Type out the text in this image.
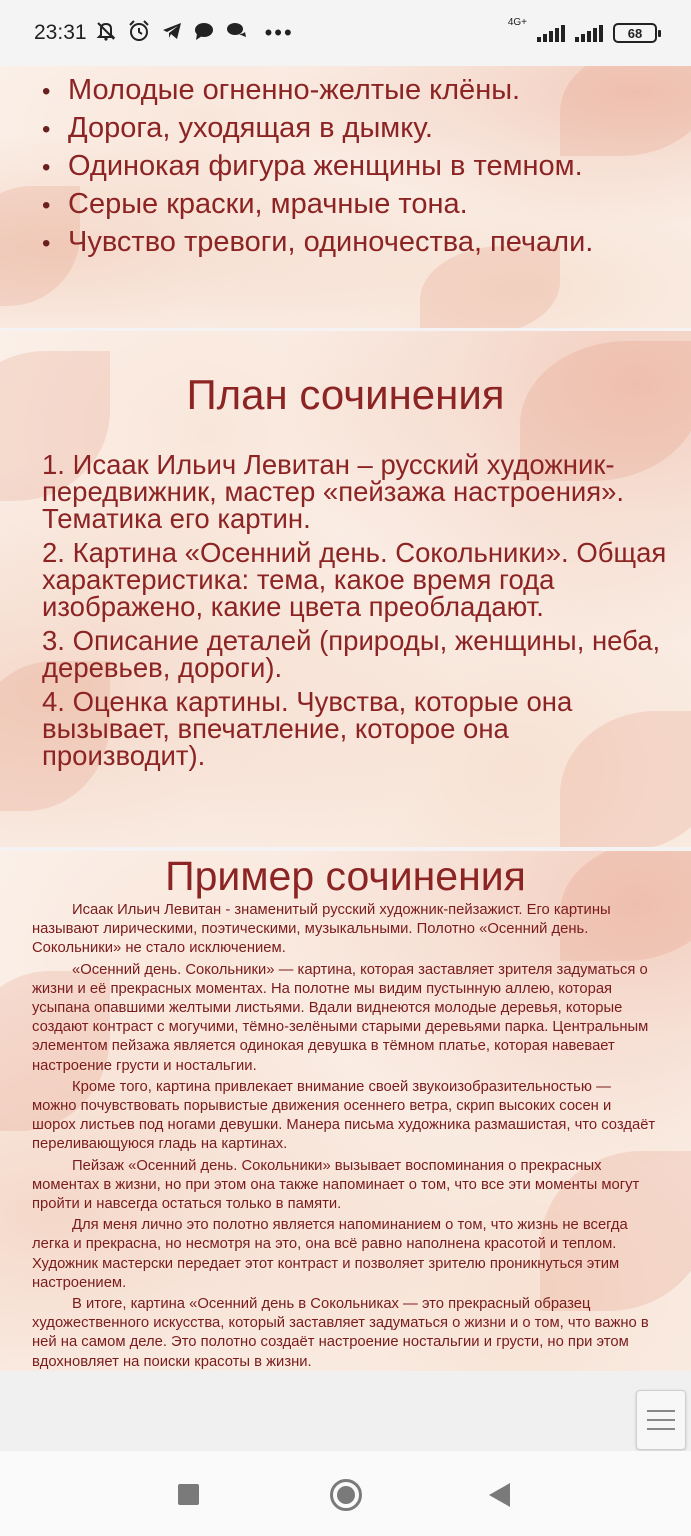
23:31	•••	4G+
68
• Молодые огненно-желтые клёны.
• Дорога, уходящая в дымку.
• Одинокая фигура женщины в темном.
• Серые краски, мрачные тона.
• Чувство тревоги, одиночества, печали.
План сочинения

1. Исаак Ильич Левитан – русский художник-передвижник, мастер «пейзажа настроения». Тематика его картин.

2. Картина «Осенний день. Сокольники». Общая характеристика: тема, какое время года изображено, какие цвета преобладают.

3. Описание деталей (природы, женщины, неба, деревьев, дороги).

4. Оценка картины. Чувства, которые она вызывает, впечатление, которое она производит).

Пример сочинения

Исаак Ильич Левитан - знаменитый русский художник-пейзажист. Его картины называют лирическими, поэтическими, музыкальными. Полотно «Осенний день. Сокольники» не стало исключением.

«Осенний день. Сокольники» — картина, которая заставляет зрителя задуматься о жизни и её прекрасных моментах. На полотне мы видим пустынную аллею, которая усыпана опавшими желтыми листьями. Вдали виднеются молодые деревья, которые создают контраст с могучими, тёмно-зелёными старыми деревьями парка. Центральным элементом пейзажа является одинокая девушка в тёмном платье, которая навевает настроение грусти и ностальгии.

Кроме того, картина привлекает внимание своей звукоизобразительностью — можно почувствовать порывистые движения осеннего ветра, скрип высоких сосен и шорох листьев под ногами девушки. Манера письма художника размашистая, что создаёт переливающуюся гладь на картинах.

Пейзаж «Осенний день. Сокольники» вызывает воспоминания о прекрасных моментах в жизни, но при этом она также напоминает о том, что все эти моменты могут пройти и навсегда остаться только в памяти.

Для меня лично это полотно является напоминанием о том, что жизнь не всегда легка и прекрасна, но несмотря на это, она всё равно наполнена красотой и теплом. Художник мастерски передает этот контраст и позволяет зрителю проникнуться этим настроением.

В итоге, картина «Осенний день в Сокольниках — это прекрасный образец художественного искусства, который заставляет задуматься о жизни и о том, что важно в ней на самом деле. Это полотно создаёт настроение ностальгии и грусти, но при этом вдохновляет на поиски красоты в жизни.
